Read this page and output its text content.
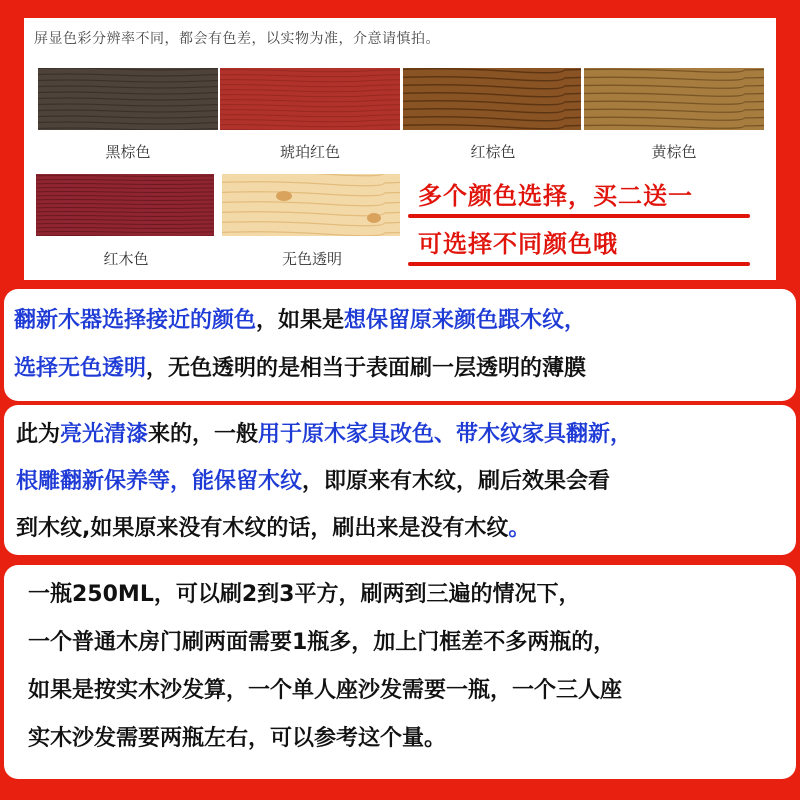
屏显色彩分辨率不同，都会有色差，以实物为准，介意请慎拍。
黑棕色	琥珀红色	红棕色	黄棕色
红木色	无色透明
多个颜色选择，买二送一
可选择不同颜色哦

翻新木器选择接近的颜色，如果是想保留原来颜色跟木纹，

选择无色透明，无色透明的是相当于表面刷一层透明的薄膜

此为亮光清漆来的，一般用于原木家具改色、带木纹家具翻新，

根雕翻新保养等，能保留木纹，即原来有木纹，刷后效果会看

到木纹,如果原来没有木纹的话，刷出来是没有木纹。

一瓶250ML，可以刷2到3平方，刷两到三遍的情况下，

一个普通木房门刷两面需要1瓶多，加上门框差不多两瓶的，

如果是按实木沙发算，一个单人座沙发需要一瓶，一个三人座

实木沙发需要两瓶左右，可以参考这个量。
